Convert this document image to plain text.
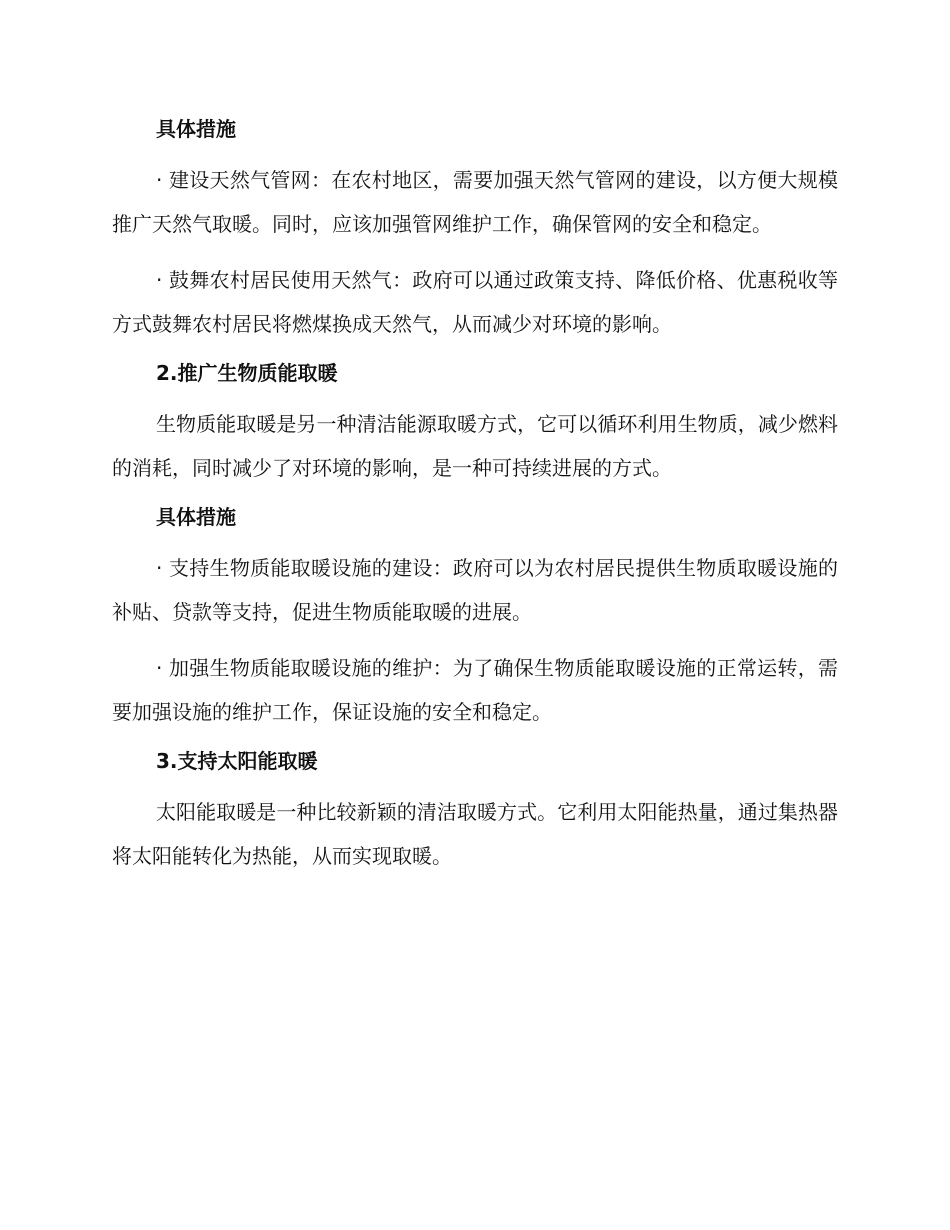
具体措施

· 建设天然气管网：在农村地区，需要加强天然气管网的建设，以方便大规模推广天然气取暖。同时，应该加强管网维护工作，确保管网的安全和稳定。

· 鼓舞农村居民使用天然气：政府可以通过政策支持、降低价格、优惠税收等方式鼓舞农村居民将燃煤换成天然气，从而减少对环境的影响。

2.推广生物质能取暖

生物质能取暖是另一种清洁能源取暖方式，它可以循环利用生物质，减少燃料的消耗，同时减少了对环境的影响，是一种可持续进展的方式。

具体措施

· 支持生物质能取暖设施的建设：政府可以为农村居民提供生物质取暖设施的补贴、贷款等支持，促进生物质能取暖的进展。

· 加强生物质能取暖设施的维护：为了确保生物质能取暖设施的正常运转，需要加强设施的维护工作，保证设施的安全和稳定。

3.支持太阳能取暖

太阳能取暖是一种比较新颖的清洁取暖方式。它利用太阳能热量，通过集热器将太阳能转化为热能，从而实现取暖。
